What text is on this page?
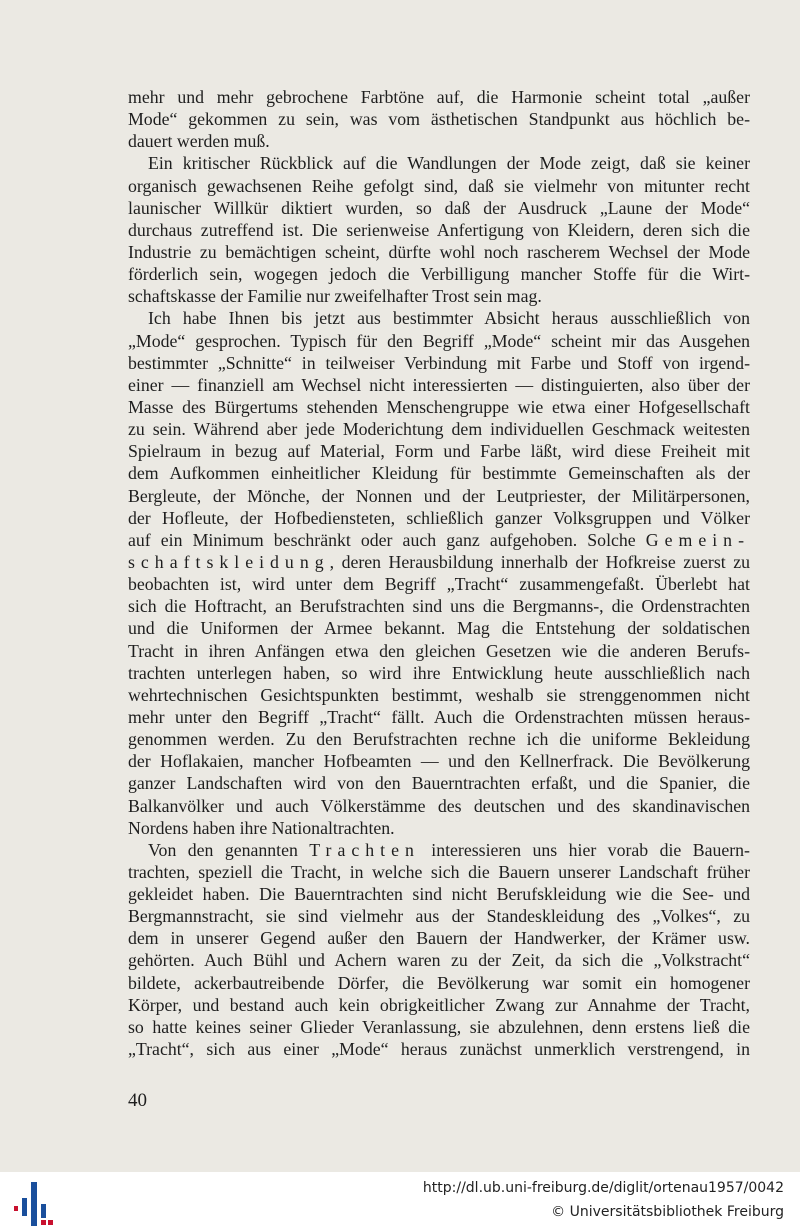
mehr und mehr gebrochene Farbtöne auf, die Harmonie scheint total „außer
Mode“ gekommen zu sein, was vom ästhetischen Standpunkt aus höchlich be-
dauert werden muß.
Ein kritischer Rückblick auf die Wandlungen der Mode zeigt, daß sie keiner
organisch gewachsenen Reihe gefolgt sind, daß sie vielmehr von mitunter recht
launischer Willkür diktiert wurden, so daß der Ausdruck „Laune der Mode“
durchaus zutreffend ist. Die serienweise Anfertigung von Kleidern, deren sich die
Industrie zu bemächtigen scheint, dürfte wohl noch rascherem Wechsel der Mode
förderlich sein, wogegen jedoch die Verbilligung mancher Stoffe für die Wirt-
schaftskasse der Familie nur zweifelhafter Trost sein mag.
Ich habe Ihnen bis jetzt aus bestimmter Absicht heraus ausschließlich von
„Mode“ gesprochen. Typisch für den Begriff „Mode“ scheint mir das Ausgehen
bestimmter „Schnitte“ in teilweiser Verbindung mit Farbe und Stoff von irgend-
einer — finanziell am Wechsel nicht interessierten — distinguierten, also über der
Masse des Bürgertums stehenden Menschengruppe wie etwa einer Hofgesellschaft
zu sein. Während aber jede Moderichtung dem individuellen Geschmack weitesten
Spielraum in bezug auf Material, Form und Farbe läßt, wird diese Freiheit mit
dem Aufkommen einheitlicher Kleidung für bestimmte Gemeinschaften als der
Bergleute, der Mönche, der Nonnen und der Leutpriester, der Militärpersonen,
der Hofleute, der Hofbediensteten, schließlich ganzer Volksgruppen und Völker
auf ein Minimum beschränkt oder auch ganz aufgehoben. Solche Gemein-
schaftskleidung, deren Herausbildung innerhalb der Hofkreise zuerst zu
beobachten ist, wird unter dem Begriff „Tracht“ zusammengefaßt. Überlebt hat
sich die Hoftracht, an Berufstrachten sind uns die Bergmanns-, die Ordenstrachten
und die Uniformen der Armee bekannt. Mag die Entstehung der soldatischen
Tracht in ihren Anfängen etwa den gleichen Gesetzen wie die anderen Berufs-
trachten unterlegen haben, so wird ihre Entwicklung heute ausschließlich nach
wehrtechnischen Gesichtspunkten bestimmt, weshalb sie strenggenommen nicht
mehr unter den Begriff „Tracht“ fällt. Auch die Ordenstrachten müssen heraus-
genommen werden. Zu den Berufstrachten rechne ich die uniforme Bekleidung
der Hoflakaien, mancher Hofbeamten — und den Kellnerfrack. Die Bevölkerung
ganzer Landschaften wird von den Bauerntrachten erfaßt, und die Spanier, die
Balkanvölker und auch Völkerstämme des deutschen und des skandinavischen
Nordens haben ihre Nationaltrachten.
Von den genannten Trachten interessieren uns hier vorab die Bauern-
trachten, speziell die Tracht, in welche sich die Bauern unserer Landschaft früher
gekleidet haben. Die Bauerntrachten sind nicht Berufskleidung wie die See- und
Bergmannstracht, sie sind vielmehr aus der Standeskleidung des „Volkes“, zu
dem in unserer Gegend außer den Bauern der Handwerker, der Krämer usw.
gehörten. Auch Bühl und Achern waren zu der Zeit, da sich die „Volkstracht“
bildete, ackerbautreibende Dörfer, die Bevölkerung war somit ein homogener
Körper, und bestand auch kein obrigkeitlicher Zwang zur Annahme der Tracht,
so hatte keines seiner Glieder Veranlassung, sie abzulehnen, denn erstens ließ die
„Tracht“, sich aus einer „Mode“ heraus zunächst unmerklich verstrengend, in
40
http://dl.ub.uni-freiburg.de/diglit/ortenau1957/0042
© Universitätsbibliothek Freiburg
